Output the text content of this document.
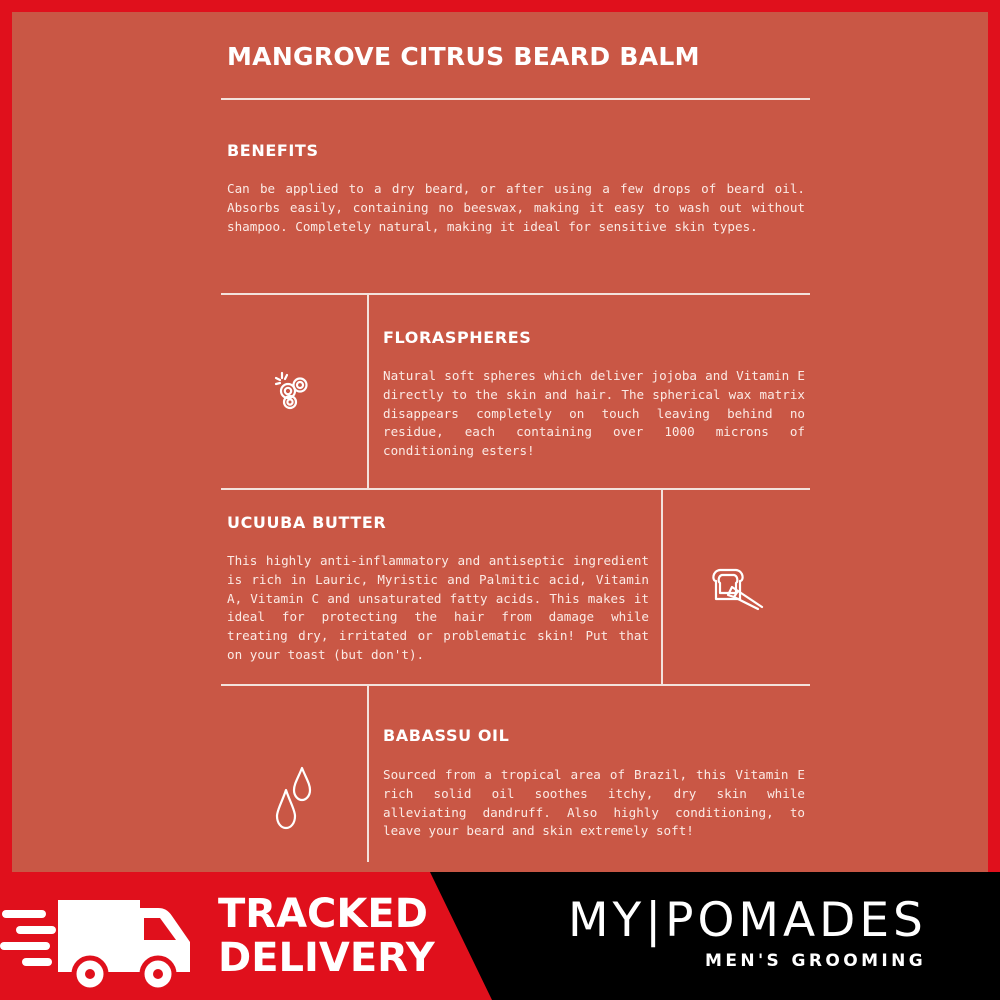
MANGROVE CITRUS BEARD BALM
BENEFITS

Can be applied to a dry beard, or after using a few drops of beard oil. Absorbs easily, containing no beeswax, making it easy to wash out without shampoo. Completely natural, making it ideal for sensitive skin types.

FLORASPHERES

Natural soft spheres which deliver jojoba and Vitamin E directly to the skin and hair. The spherical wax matrix disappears completely on touch leaving behind no residue, each containing over 1000 microns of conditioning esters!

UCUUBA BUTTER

This highly anti-inflammatory and antiseptic ingredient is rich in Lauric, Myristic and Palmitic acid, Vitamin A, Vitamin C and unsaturated fatty acids. This makes it ideal for protecting the hair from damage while treating dry, irritated or problematic skin! Put that on your toast (but don't).

BABASSU OIL

Sourced from a tropical area of Brazil, this Vitamin E rich solid oil soothes itchy, dry skin while alleviating dandruff. Also highly conditioning, to leave your beard and skin extremely soft!

TRACKED
DELIVERY
MY|POMADES
MEN'S GROOMING
